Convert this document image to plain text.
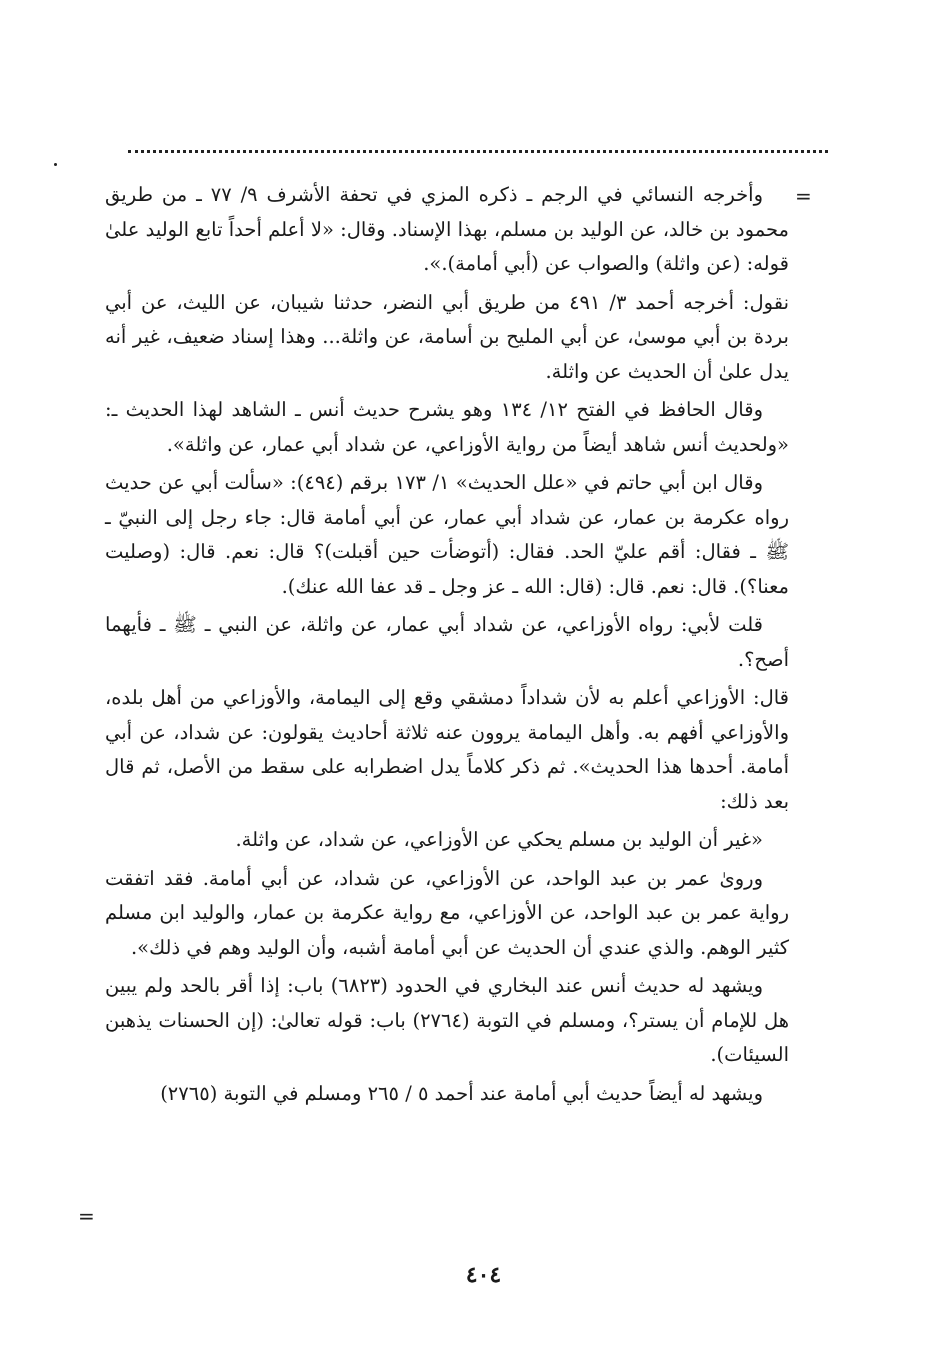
=

وأخرجه النسائي في الرجم ـ ذكره المزي في تحفة الأشرف ٩/ ٧٧ ـ من طريق محمود بن خالد، عن الوليد بن مسلم، بهذا الإسناد. وقال: «لا أعلم أحداً تابع الوليد علىٰ قوله: (عن واثلة) والصواب عن (أبي أمامة).».

نقول: أخرجه أحمد ٣/ ٤٩١ من طريق أبي النضر، حدثنا شيبان، عن الليث، عن أبي بردة بن أبي موسىٰ، عن أبي المليح بن أسامة، عن واثلة... وهذا إسناد ضعيف، غير أنه يدل علىٰ أن الحديث عن واثلة.

وقال الحافظ في الفتح ١٢/ ١٣٤ وهو يشرح حديث أنس ـ الشاهد لهذا الحديث ـ: «ولحديث أنس شاهد أيضاً من رواية الأوزاعي، عن شداد أبي عمار، عن واثلة».

وقال ابن أبي حاتم في «علل الحديث» ١/ ١٧٣ برقم (٤٩٤): «سألت أبي عن حديث رواه عكرمة بن عمار، عن شداد أبي عمار، عن أبي أمامة قال: جاء رجل إلى النبيّ ـ ﷺ ـ فقال: أقم عليّ الحد. فقال: (أتوضأت حين أقبلت)؟ قال: نعم. قال: (وصليت معنا؟). قال: نعم. قال: (قال: الله ـ عز وجل ـ قد عفا الله عنك).

قلت لأبي: رواه الأوزاعي، عن شداد أبي عمار، عن واثلة، عن النبي ـ ﷺ ـ فأيهما أصح؟.

قال: الأوزاعي أعلم به لأن شداداً دمشقي وقع إلى اليمامة، والأوزاعي من أهل بلده، والأوزاعي أفهم به. وأهل اليمامة يروون عنه ثلاثة أحاديث يقولون: عن شداد، عن أبي أمامة. أحدها هذا الحديث». ثم ذكر كلاماً يدل اضطرابه على سقط من الأصل، ثم قال بعد ذلك:

«غير أن الوليد بن مسلم يحكي عن الأوزاعي، عن شداد، عن واثلة.

وروىٰ عمر بن عبد الواحد، عن الأوزاعي، عن شداد، عن أبي أمامة. فقد اتفقت رواية عمر بن عبد الواحد، عن الأوزاعي، مع رواية عكرمة بن عمار، والوليد ابن مسلم كثير الوهم. والذي عندي أن الحديث عن أبي أمامة أشبه، وأن الوليد وهم في ذلك».

ويشهد له حديث أنس عند البخاري في الحدود (٦٨٢٣) باب: إذا أقر بالحد ولم يبين هل للإمام أن يستر؟، ومسلم في التوبة (٢٧٦٤) باب: قوله تعالىٰ: (إن الحسنات يذهبن السيئات).

ويشهد له أيضاً حديث أبي أمامة عند أحمد ٥ / ٢٦٥ ومسلم في التوبة (٢٧٦٥)

=
٤٠٤
